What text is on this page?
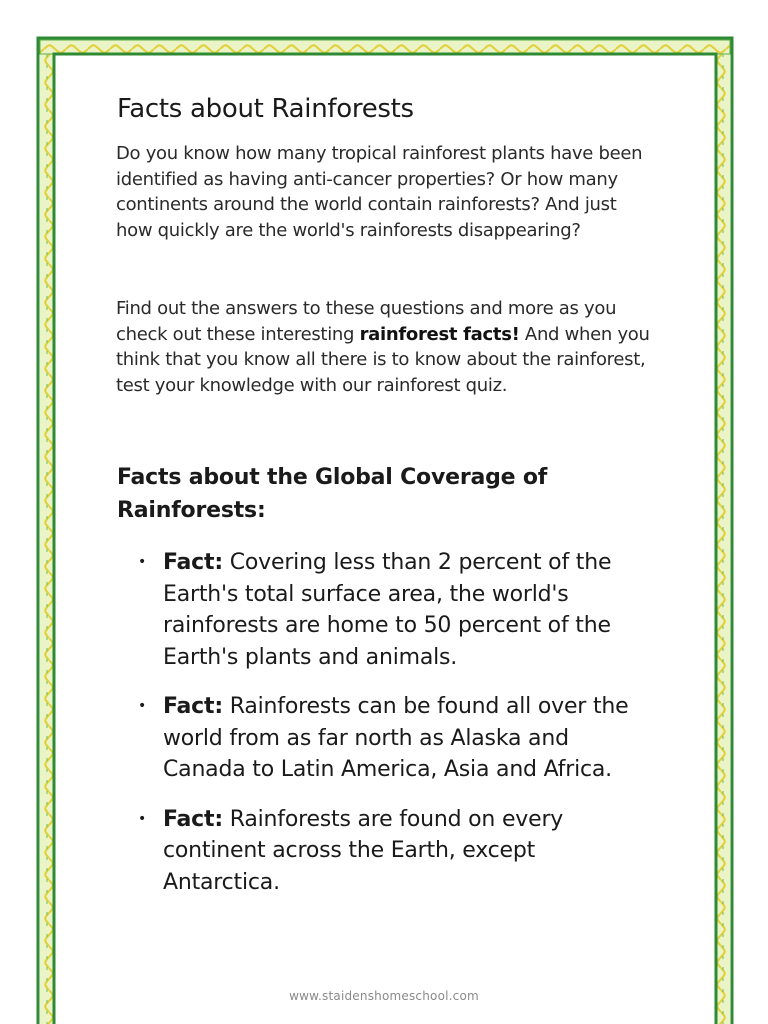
Facts about Rainforests

Do you know how many tropical rainforest plants have been identified as having anti-cancer properties? Or how many continents around the world contain rainforests? And just how quickly are the world's rainforests disappearing?

Find out the answers to these questions and more as you check out these interesting rainforest facts! And when you think that you know all there is to know about the rainforest, test your knowledge with our rainforest quiz.

Facts about the Global Coverage of Rainforests:
• Fact: Covering less than 2 percent of the Earth's total surface area, the world's rainforests are home to 50 percent of the Earth's plants and animals.
• Fact: Rainforests can be found all over the world from as far north as Alaska and Canada to Latin America, Asia and Africa.
• Fact: Rainforests are found on every continent across the Earth, except Antarctica.
www.staidenshomeschool.com
